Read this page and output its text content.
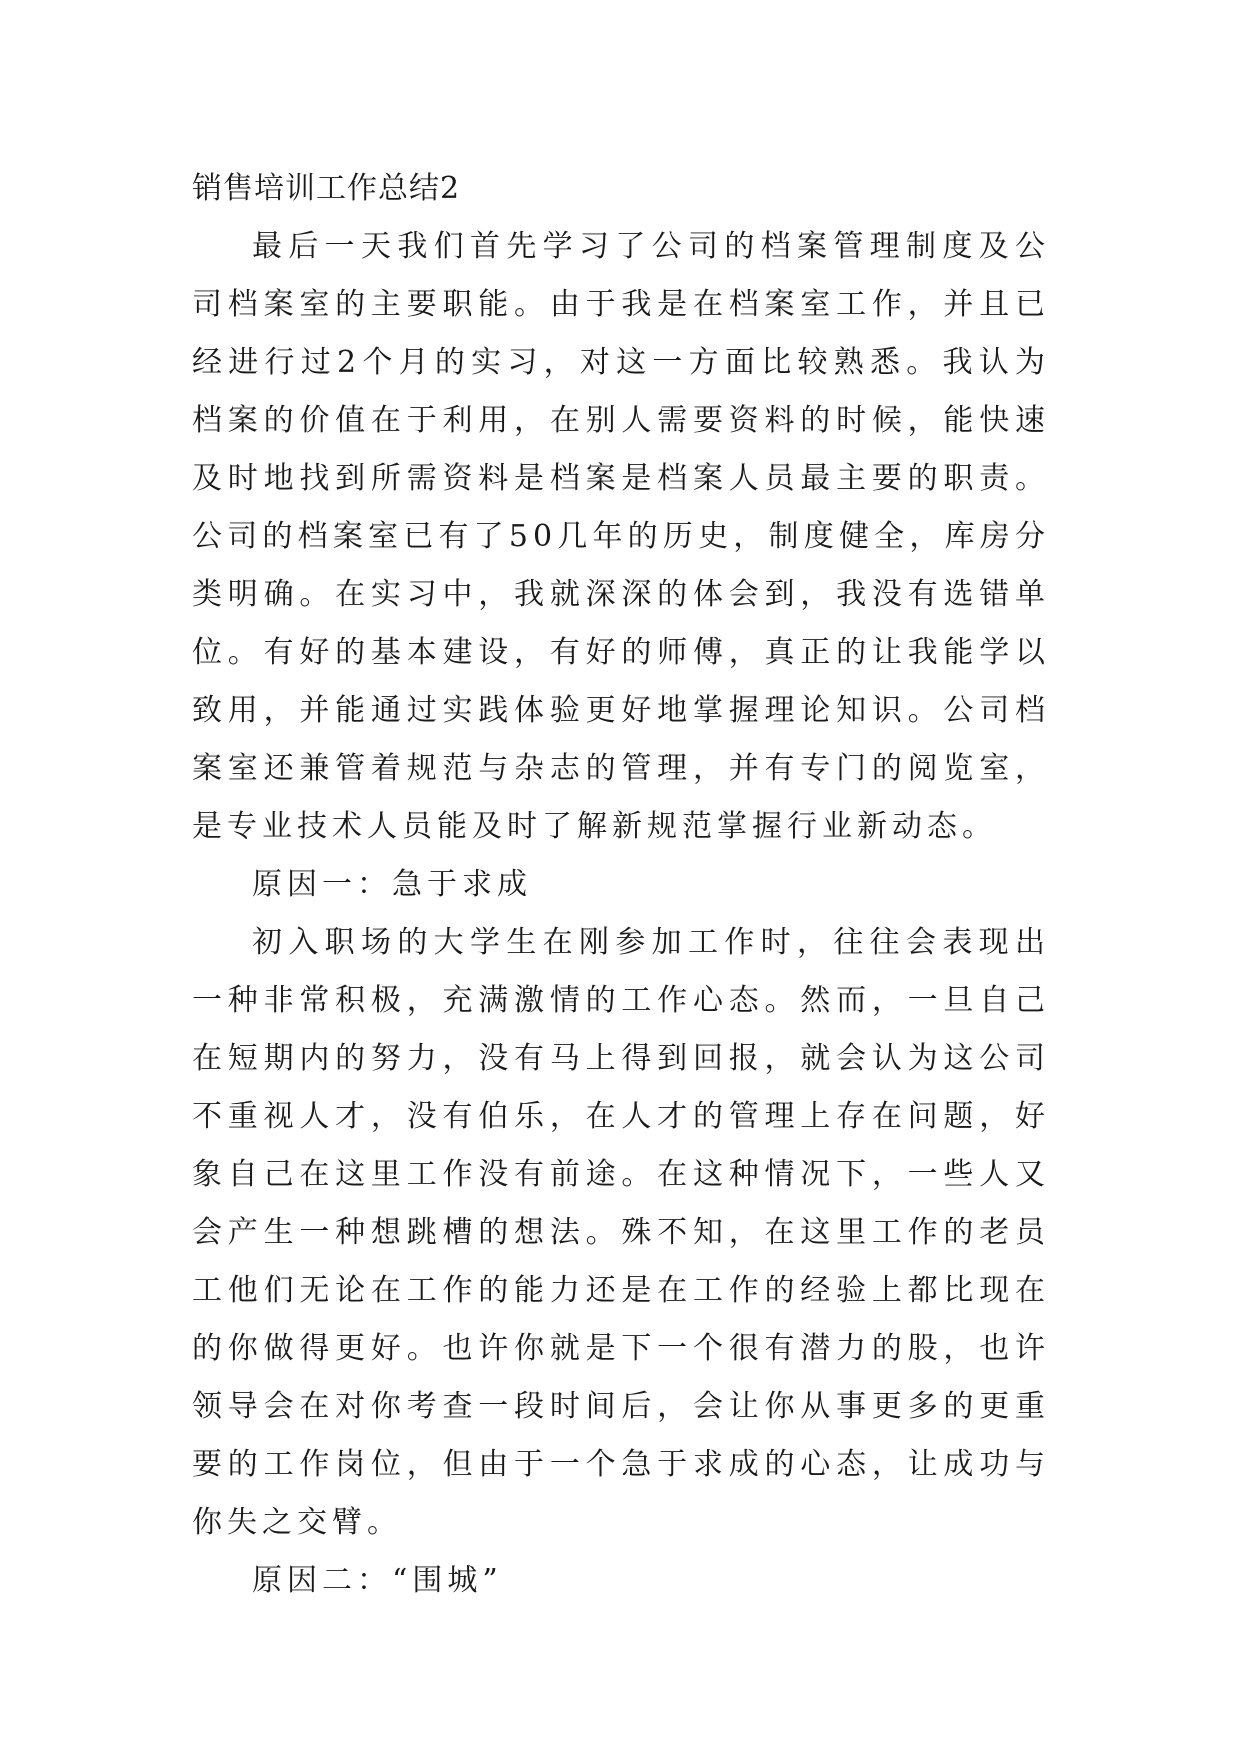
销售培训工作总结2

最后一天我们首先学习了公司的档案管理制度及公司档案室的主要职能。由于我是在档案室工作，并且已经进行过2个月的实习，对这一方面比较熟悉。我认为档案的价值在于利用，在别人需要资料的时候，能快速及时地找到所需资料是档案是档案人员最主要的职责。公司的档案室已有了50几年的历史，制度健全，库房分类明确。在实习中，我就深深的体会到，我没有选错单位。有好的基本建设，有好的师傅，真正的让我能学以致用，并能通过实践体验更好地掌握理论知识。公司档案室还兼管着规范与杂志的管理，并有专门的阅览室，是专业技术人员能及时了解新规范掌握行业新动态。

原因一：急于求成

初入职场的大学生在刚参加工作时，往往会表现出一种非常积极，充满激情的工作心态。然而，一旦自己在短期内的努力，没有马上得到回报，就会认为这公司不重视人才，没有伯乐，在人才的管理上存在问题，好象自己在这里工作没有前途。在这种情况下，一些人又会产生一种想跳槽的想法。殊不知，在这里工作的老员工他们无论在工作的能力还是在工作的经验上都比现在的你做得更好。也许你就是下一个很有潜力的股，也许领导会在对你考查一段时间后，会让你从事更多的更重要的工作岗位，但由于一个急于求成的心态，让成功与你失之交臂。

原因二：“围城”
